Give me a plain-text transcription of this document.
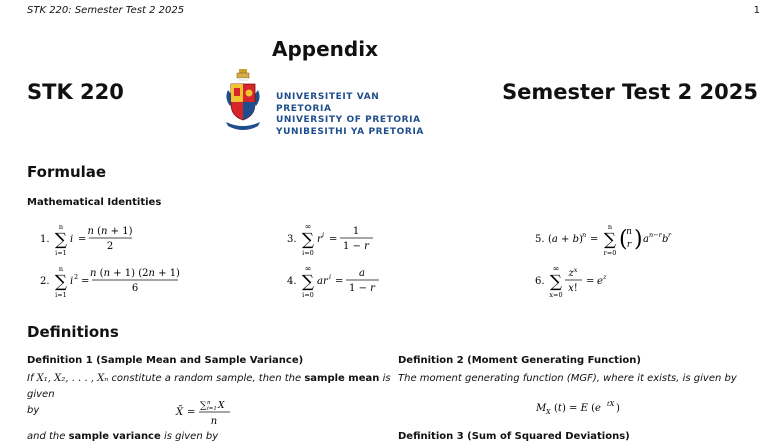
STK 220: Semester Test 2 2025	1
Appendix
STK 220	Semester Test 2 2025
UNIVERSITEIT VAN PRETORIA
UNIVERSITY OF PRETORIA
YUNIBESITHI YA PRETORIA
Formulae
Mathematical Identities
1.
n
∑
i=1
i =
n (n + 1)
2
2.
n
∑
i=1
i 2 =
n (n + 1) (2n + 1)
6
3.
∞
∑
i=0
r i =
1
1 − r
4.
∞
∑
i=0
ar i =
a
1 − r
5. (a + b) n =
n
∑
r=0
(
n
r ) a n−r b r
6.
∞
∑
x=0
$z^x$
x!
= e z
Definitions
Definition 1 (Sample Mean and Sample Variance)
If X₁, X₂, . . . , Xₙ constitute a random sample, then the sample mean is given
by	X̄ =
∑ n
i=1 X
n
and the sample variance is given by
Definition 2 (Moment Generating Function)
The moment generating function (MGF), where it exists, is given by
M X (t) = E (e tX )
Definition 3 (Sum of Squared Deviations)
